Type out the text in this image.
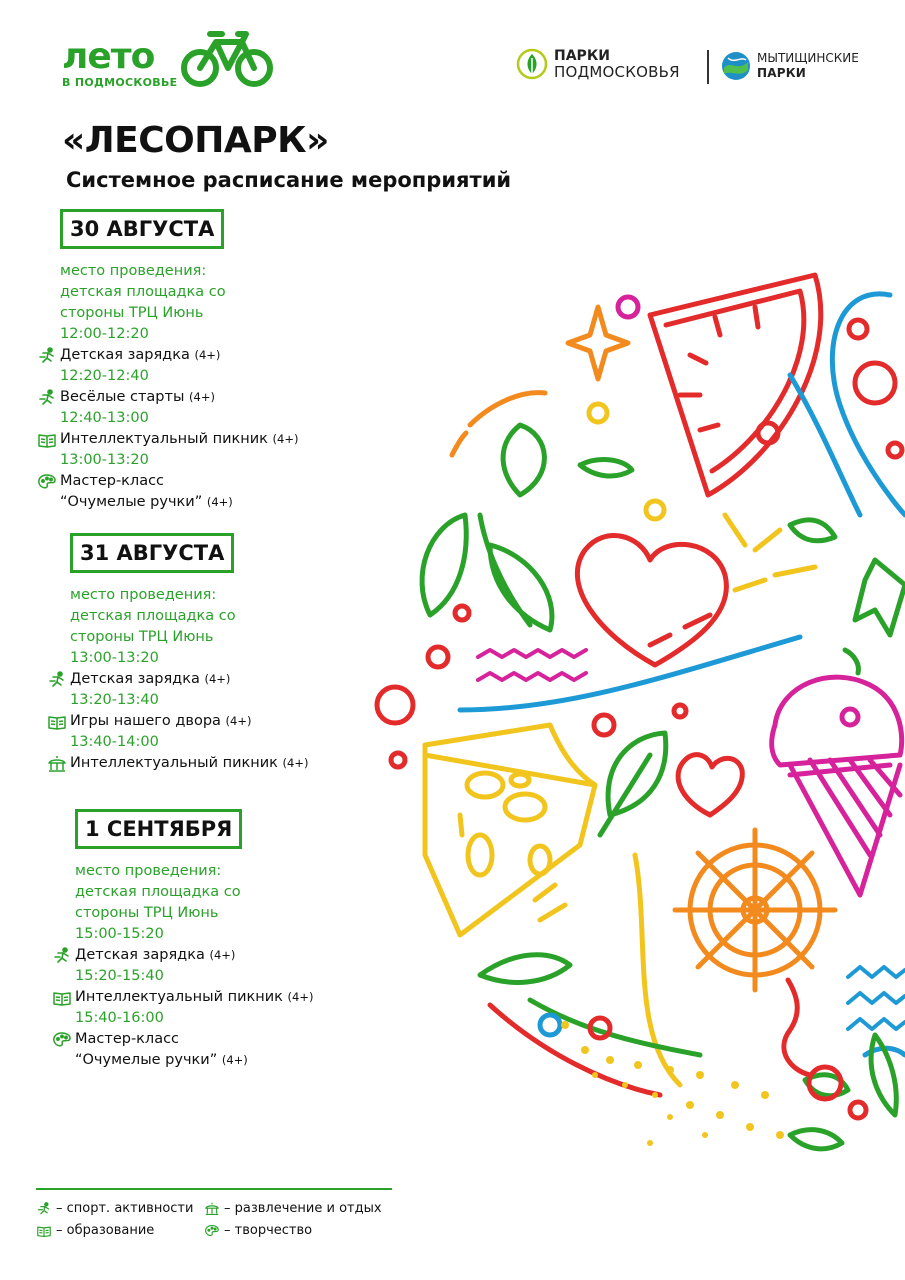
лето
В ПОДМОСКОВЬЕ
ПАРКИ
ПОДМОСКОВЬЯ
МЫТИЩИНСКИЕ
ПАРКИ
«ЛЕСОПАРК»
Системное расписание мероприятий
30 АВГУСТА
место проведения:
детская площадка со
стороны ТРЦ Июнь
12:00-12:20
Детская зарядка
(4+)
12:20-12:40
Весёлые старты
(4+)
12:40-13:00
Интеллектуальный пикник
(4+)
13:00-13:20
Мастер-класс
“Очумелые ручки” (4+)
31 АВГУСТА
место проведения:
детская площадка со
стороны ТРЦ Июнь
13:00-13:20
Детская зарядка
(4+)
13:20-13:40
Игры нашего двора
(4+)
13:40-14:00
Интеллектуальный пикник
(4+)
1 СЕНТЯБРЯ
место проведения:
детская площадка со
стороны ТРЦ Июнь
15:00-15:20
Детская зарядка
(4+)
15:20-15:40
Интеллектуальный пикник
(4+)
15:40-16:00
Мастер-класс
“Очумелые ручки” (4+)
– спорт. активности – развлечение и отдых
– образование	– творчество
